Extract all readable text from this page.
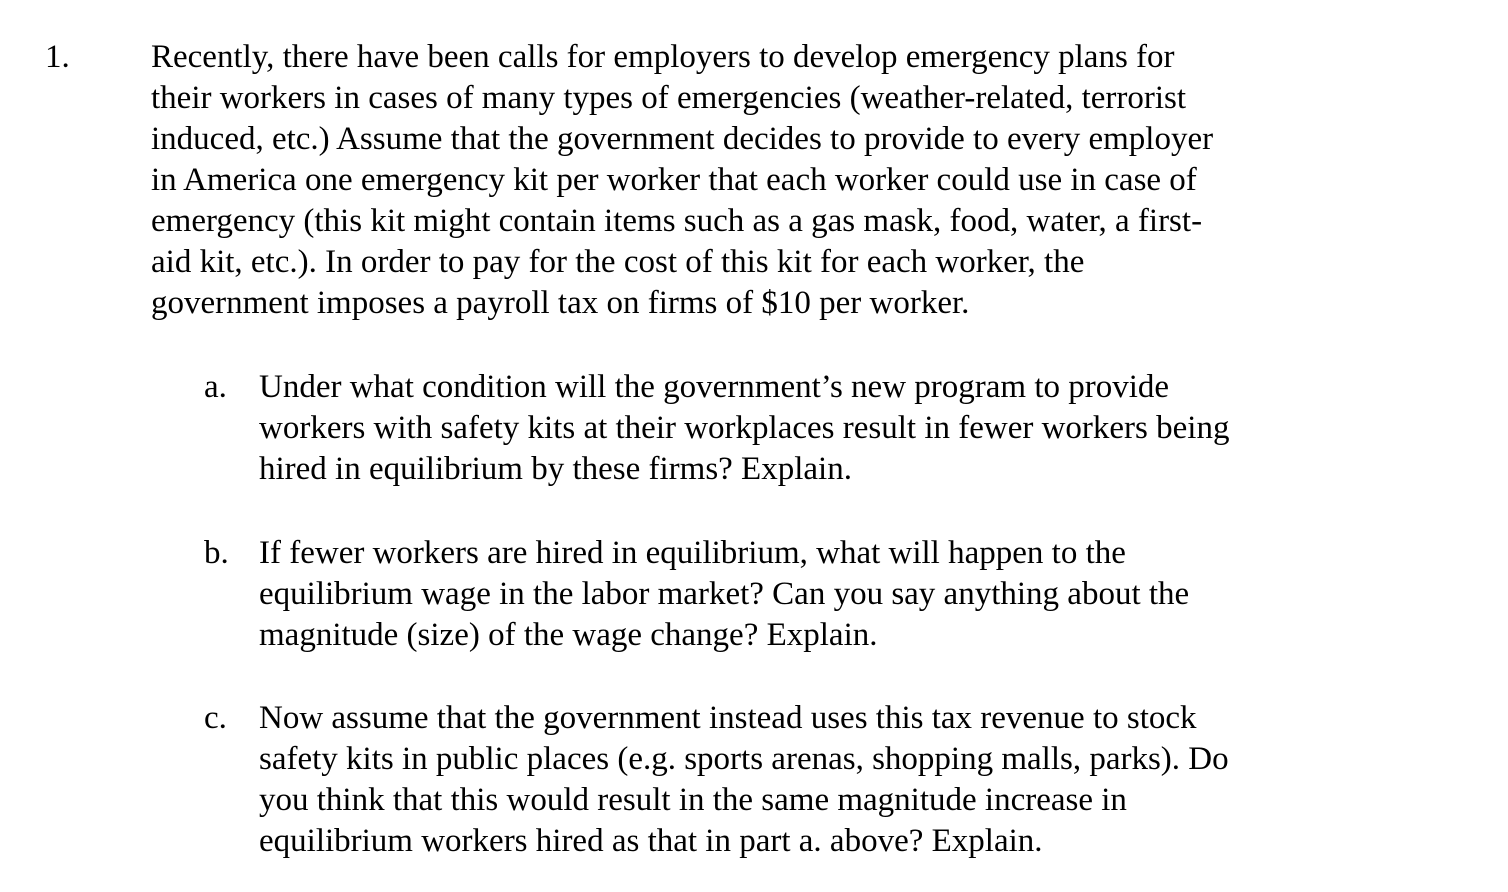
1. Recently, there have been calls for employers to develop emergency plans for

their workers in cases of many types of emergencies (weather-related, terrorist

induced, etc.) Assume that the government decides to provide to every employer

in America one emergency kit per worker that each worker could use in case of

emergency (this kit might contain items such as a gas mask, food, water, a first-

aid kit, etc.). In order to pay for the cost of this kit for each worker, the

government imposes a payroll tax on firms of $10 per worker.

a. Under what condition will the government’s new program to provide

workers with safety kits at their workplaces result in fewer workers being

hired in equilibrium by these firms? Explain.

b. If fewer workers are hired in equilibrium, what will happen to the

equilibrium wage in the labor market? Can you say anything about the

magnitude (size) of the wage change? Explain.

c. Now assume that the government instead uses this tax revenue to stock

safety kits in public places (e.g. sports arenas, shopping malls, parks). Do

you think that this would result in the same magnitude increase in

equilibrium workers hired as that in part a. above? Explain.
